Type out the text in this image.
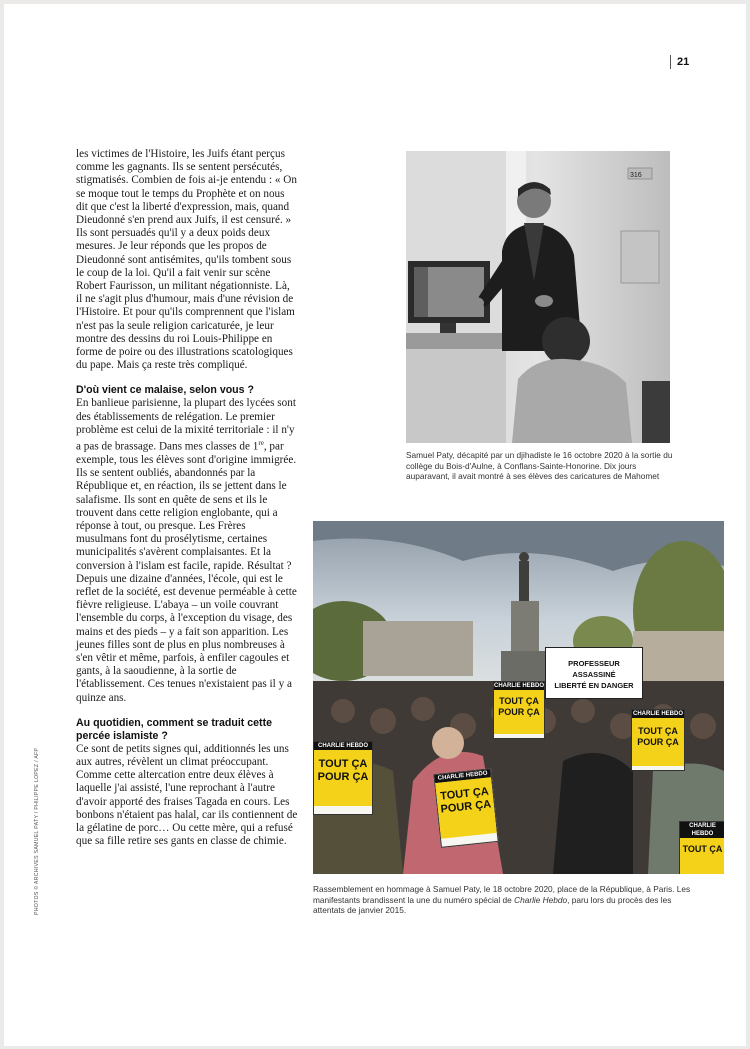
21
PHOTOS © ARCHIVES SAMUEL PATY / PHILIPPE LOPEZ / AFP

les victimes de l'Histoire, les Juifs étant perçus comme les gagnants. Ils se sentent persécutés, stigmatisés. Combien de fois ai-je entendu : « On se moque tout le temps du Prophète et on nous dit que c'est la liberté d'expression, mais, quand Dieudonné s'en prend aux Juifs, il est censuré. » Ils sont persuadés qu'il y a deux poids deux mesures. Je leur réponds que les propos de Dieudonné sont antisémites, qu'ils tombent sous le coup de la loi. Qu'il a fait venir sur scène Robert Faurisson, un militant négationniste. Là, il ne s'agit plus d'humour, mais d'une révision de l'Histoire. Et pour qu'ils comprennent que l'islam n'est pas la seule religion caricaturée, je leur montre des dessins du roi Louis-Philippe en forme de poire ou des illustrations scatologiques du pape. Mais ça reste très compliqué.

D'où vient ce malaise, selon vous ?

En banlieue parisienne, la plupart des lycées sont des établissements de relégation. Le premier problème est celui de la mixité territoriale : il n'y a pas de brassage. Dans mes classes de 1re, par exemple, tous les élèves sont d'origine immigrée. Ils se sentent oubliés, abandonnés par la République et, en réaction, ils se jettent dans le salafisme. Ils sont en quête de sens et ils le trouvent dans cette religion englobante, qui a réponse à tout, ou presque. Les Frères musulmans font du prosélytisme, certaines municipalités s'avèrent complaisantes. Et la conversion à l'islam est facile, rapide. Résultat ? Depuis une dizaine d'années, l'école, qui est le reflet de la société, est devenue perméable à cette fièvre religieuse. L'abaya – un voile couvrant l'ensemble du corps, à l'exception du visage, des mains et des pieds – y a fait son apparition. Les jeunes filles sont de plus en plus nombreuses à s'en vêtir et même, parfois, à enfiler cagoules et gants, à la saoudienne, à la sortie de l'établissement. Ces tenues n'existaient pas il y a quinze ans.

Au quotidien, comment se traduit cette percée islamiste ?

Ce sont de petits signes qui, additionnés les uns aux autres, révèlent un climat préoccupant. Comme cette altercation entre deux élèves à laquelle j'ai assisté, l'une reprochant à l'autre d'avoir apporté des fraises Tagada en cours. Les bonbons n'étaient pas halal, car ils contiennent de la gélatine de porc… Ou cette mère, qui a refusé que sa fille retire ses gants en classe de chimie.

316
Samuel Paty, décapité par un djihadiste le 16 octobre 2020 à la sortie du collège du Bois-d'Aulne, à Conflans-Sainte-Honorine. Dix jours auparavant, il avait montré à ses élèves des caricatures de Mahomet
PROFESSEUR ASSASSINÉ
LIBERTÉ EN DANGER
CHARLIE HEBDO
TOUT ÇA
POUR ÇA	CHARLIE HEBDO
TOUT ÇA
POUR ÇA
CHARLIE HEBDO
TOUT ÇA
POUR ÇA	CHARLIE HEBDO
TOUT ÇA
POUR ÇA
CHARLIE HEBDO
TOUT ÇA
Rassemblement en hommage à Samuel Paty, le 18 octobre 2020, place de la République, à Paris. Les manifestants brandissent la une du numéro spécial de Charlie Hebdo, paru lors du procès des les attentats de janvier 2015.
